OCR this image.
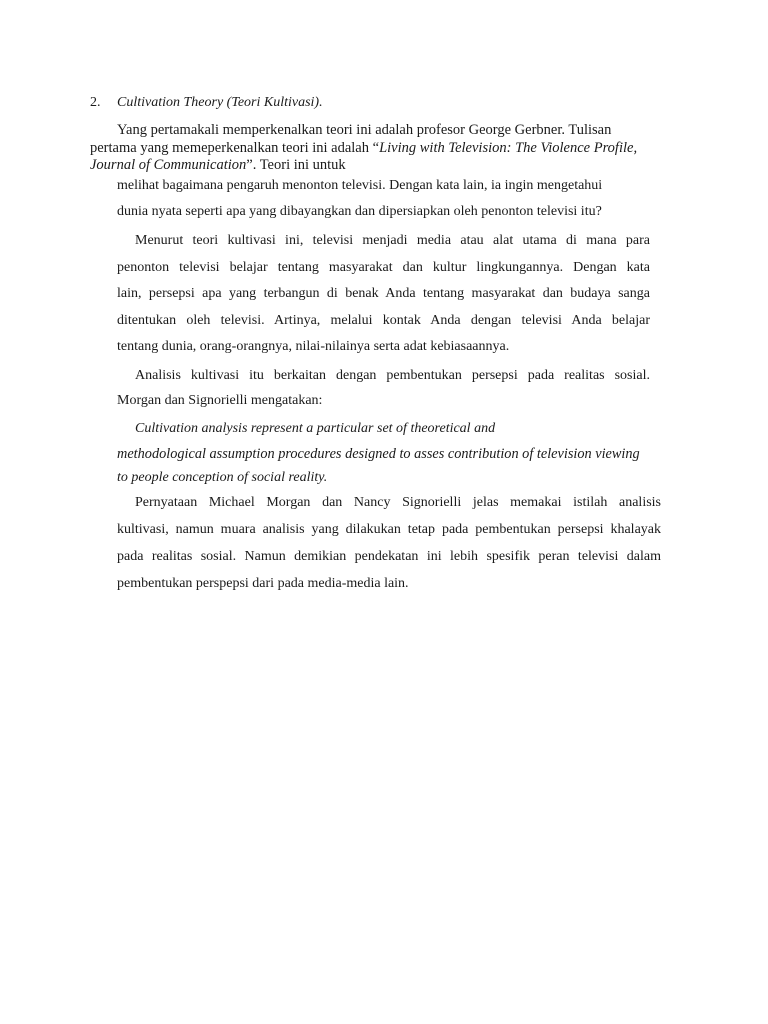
2. Cultivation Theory (Teori Kultivasi).
Yang pertamakali memperkenalkan teori ini adalah profesor George Gerbner. Tulisan
pertama yang memeperkenalkan teori ini adalah “Living with Television: The Violence Profile,
Journal of Communication”. Teori ini untuk
melihat bagaimana pengaruh menonton televisi. Dengan kata lain, ia ingin mengetahui
dunia nyata seperti apa yang dibayangkan dan dipersiapkan oleh penonton televisi itu?
Menurut teori kultivasi ini, televisi menjadi media atau alat utama di mana para
penonton televisi belajar tentang masyarakat dan kultur lingkungannya. Dengan kata
lain, persepsi apa yang terbangun di benak Anda tentang masyarakat dan budaya sanga
ditentukan oleh televisi. Artinya, melalui kontak Anda dengan televisi Anda belajar
tentang dunia, orang-orangnya, nilai-nilainya serta adat kebiasaannya.
Analisis kultivasi itu berkaitan dengan pembentukan persepsi pada realitas sosial.
Morgan dan Signorielli mengatakan:
Cultivation analysis represent a particular set of theoretical and
methodological assumption procedures designed to asses contribution of television viewing
to people conception of social reality.
Pernyataan Michael Morgan dan Nancy Signorielli jelas memakai istilah analisis
kultivasi, namun muara analisis yang dilakukan tetap pada pembentukan persepsi khalayak
pada realitas sosial. Namun demikian pendekatan ini lebih spesifik peran televisi dalam
pembentukan perspepsi dari pada media-media lain.
